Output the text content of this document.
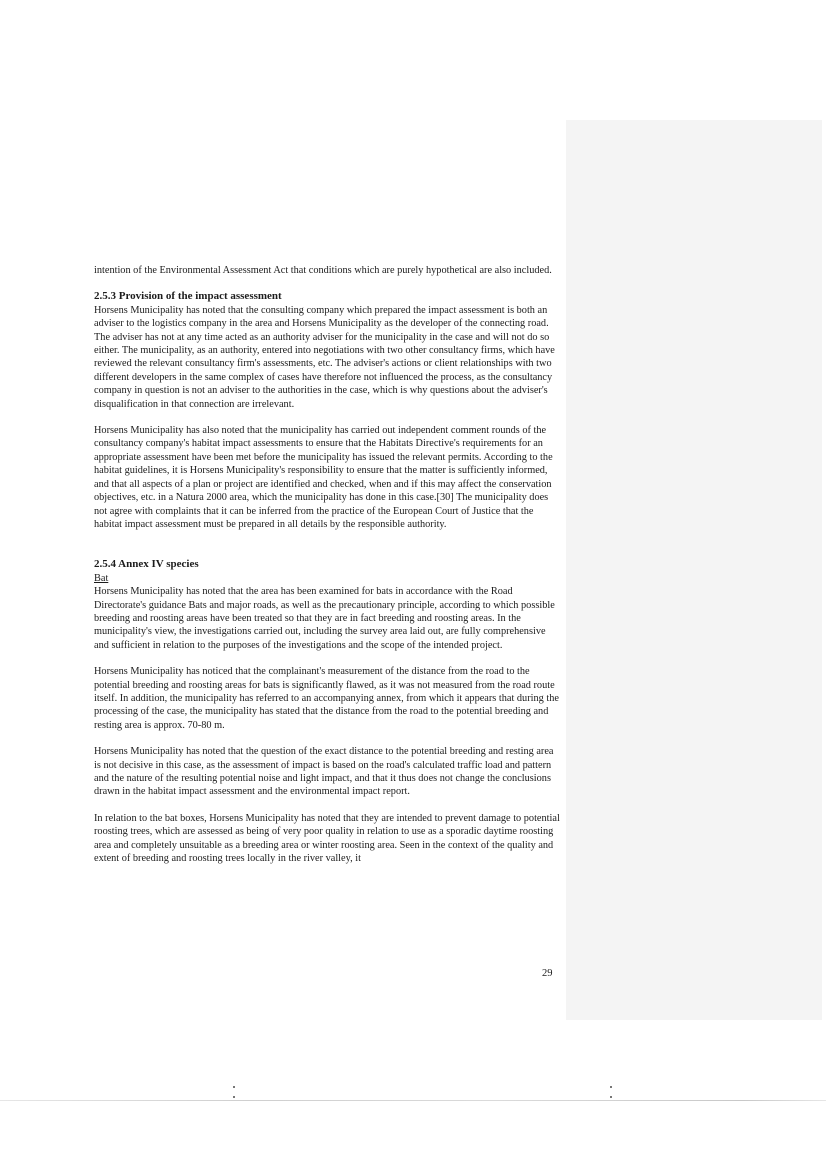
intention of the Environmental Assessment Act that conditions which are purely hypothetical are also included.

2.5.3 Provision of the impact assessment

Horsens Municipality has noted that the consulting company which prepared the impact assessment is both an adviser to the logistics company in the area and Horsens Municipality as the developer of the connecting road. The adviser has not at any time acted as an authority adviser for the municipality in the case and will not do so either. The municipality, as an authority, entered into negotiations with two other consultancy firms, which have reviewed the relevant consultancy firm's assessments, etc. The adviser's actions or client relationships with two different developers in the same complex of cases have therefore not influenced the process, as the consultancy company in question is not an adviser to the authorities in the case, which is why questions about the adviser's disqualification in that connection are irrelevant.

Horsens Municipality has also noted that the municipality has carried out independent comment rounds of the consultancy company's habitat impact assessments to ensure that the Habitats Directive's requirements for an appropriate assessment have been met before the municipality has issued the relevant permits. According to the habitat guidelines, it is Horsens Municipality's responsibility to ensure that the matter is sufficiently informed, and that all aspects of a plan or project are identified and checked, when and if this may affect the conservation objectives, etc. in a Natura 2000 area, which the municipality has done in this case.[30] The municipality does not agree with complaints that it can be inferred from the practice of the European Court of Justice that the habitat impact assessment must be prepared in all details by the responsible authority.

2.5.4 Annex IV species
Bat

Horsens Municipality has noted that the area has been examined for bats in accordance with the Road Directorate's guidance Bats and major roads, as well as the precautionary principle, according to which possible breeding and roosting areas have been treated so that they are in fact breeding and roosting areas. In the municipality's view, the investigations carried out, including the survey area laid out, are fully comprehensive and sufficient in relation to the purposes of the investigations and the scope of the intended project.

Horsens Municipality has noticed that the complainant's measurement of the distance from the road to the potential breeding and roosting areas for bats is significantly flawed, as it was not measured from the road route itself. In addition, the municipality has referred to an accompanying annex, from which it appears that during the processing of the case, the municipality has stated that the distance from the road to the potential breeding and resting area is approx. 70-80 m.

Horsens Municipality has noted that the question of the exact distance to the potential breeding and resting area is not decisive in this case, as the assessment of impact is based on the road's calculated traffic load and pattern and the nature of the resulting potential noise and light impact, and that it thus does not change the conclusions drawn in the habitat impact assessment and the environmental impact report.

In relation to the bat boxes, Horsens Municipality has noted that they are intended to prevent damage to potential roosting trees, which are assessed as being of very poor quality in relation to use as a sporadic daytime roosting area and completely unsuitable as a breeding area or winter roosting area. Seen in the context of the quality and extent of breeding and roosting trees locally in the river valley, it

29
